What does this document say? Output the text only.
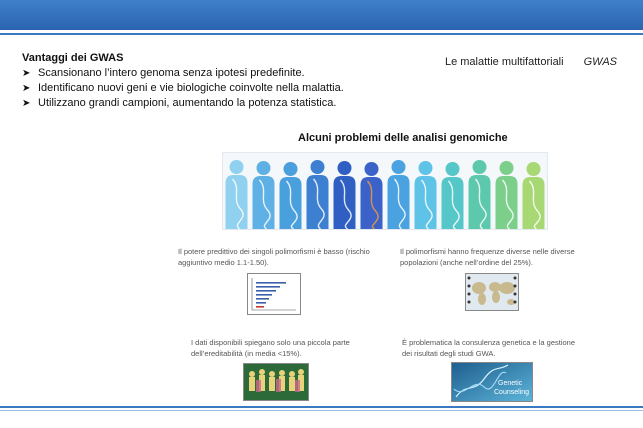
Le malattie multifattoriali GWAS
Vantaggi dei GWAS
➤ Scansionano l’intero genoma senza ipotesi predefinite.
➤ Identificano nuovi geni e vie biologiche coinvolte nella malattia.
➤ Utilizzano grandi campioni, aumentando la potenza statistica.
Alcuni problemi delle analisi genomiche
Il potere predittivo dei singoli polimorfismi è basso (rischio aggiuntivo medio 1.1-1.50).
Il polimorfismi hanno frequenze diverse nelle diverse popolazioni (anche nell’ordine del 25%).
I dati disponibili spiegano solo una piccola parte dell’ereditabilità (in media <15%).
È problematica la consulenza genetica e la gestione dei risultati degli studi GWA.
Genetic
Counseling
